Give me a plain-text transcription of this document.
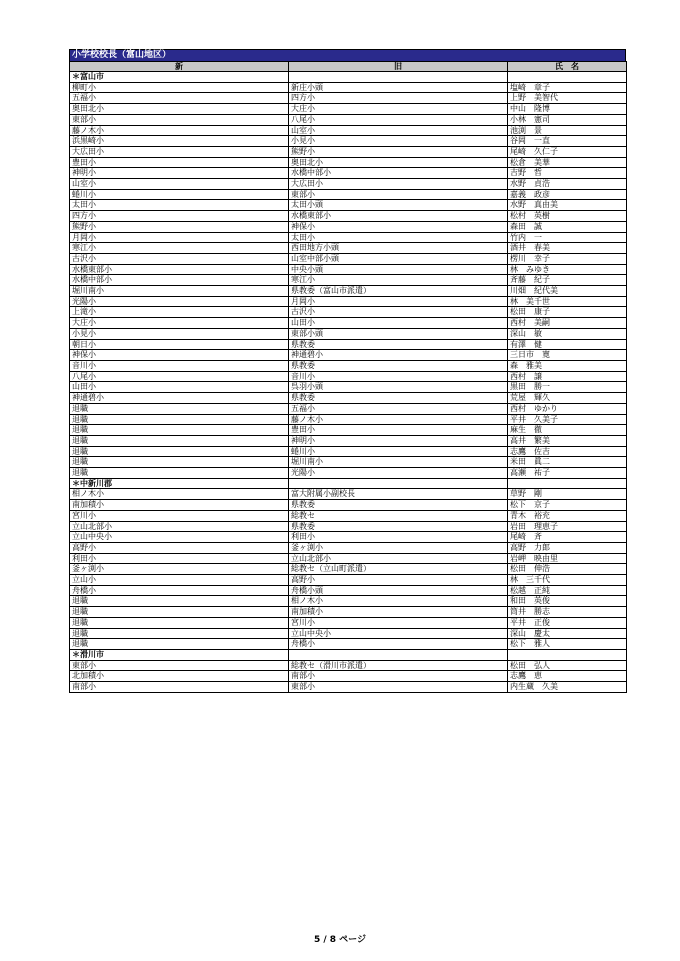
小学校校長（富山地区）
新	旧	氏　名
＊富山市		
柳町小	新庄小頭	塩崎　章子
五福小	四方小	上野　美智代
奥田北小	大庄小	中山　隆博
東部小	八尾小	小林　憲司
藤ノ木小	山室小	池渕　景
浜黒崎小	小見小	谷岡　一直
大広田小	熊野小	尾崎　久仁子
豊田小	奥田北小	松倉　美華
神明小	水橋中部小	吉野　哲
山室小	大広田小	水野　貞浩
蜷川小	東部小	嘉義　政彦
太田小	太田小頭	水野　真由美
四方小	水橋東部小	松村　英樹
熊野小	神保小	森田　誠
月岡小	太田小	竹内　一
寒江小	西田地方小頭	酒井　春美
古沢小	山室中部小頭	楞川　幸子
水橋東部小	中央小頭	林　みゆき
水橋中部小	寒江小	斉藤　紀子
堀川南小	県教委（富山市派遣）	川畑　紀代美
光陽小	月岡小	林　美千世
上滝小	古沢小	松田　康子
大庄小	山田小	西村　美嗣
小見小	東部小頭	深山　敏
朝日小	県教委	有澤　健
神保小	神通碧小	三日市　寛
音川小	県教委	森　雅美
八尾小	音川小	西村　譲
山田小	呉羽小頭	黒田　勝一
神通碧小	県教委	荒屋　輝久
退職	五福小	西村　ゆかり
退職	藤ノ木小	平井　久美子
退職	豊田小	麻生　徹
退職	神明小	高井　繁美
退職	蜷川小	志鷹　佐吉
退職	堀川南小	米田　眞二
退職	光陽小	高瀬　祐子
＊中新川郡		
相ノ木小	富大附属小副校長	草野　剛
南加積小	県教委	松下　京子
宮川小	総教セ	青木　裕充
立山北部小	県教委	岩田　理恵子
立山中央小	利田小	尾崎　斉
高野小	釜ヶ渕小	高野　力郎
利田小	立山北部小	岩岬　映由里
釜ヶ渕小	総教セ（立山町派遣）	松田　伸浩
立山小	高野小	林　三千代
舟橋小	舟橋小頭	松越　正純
退職	相ノ木小	和田　英俊
退職	南加積小	筒井　勝志
退職	宮川小	平井　正俊
退職	立山中央小	深山　慶太
退職	舟橋小	松下　雅人
＊滑川市		
東部小	総教セ（滑川市派遣）	松田　弘人
北加積小	南部小	志鷹　恵
南部小	東部小	内生蔵　久美
5 / 8 ページ
